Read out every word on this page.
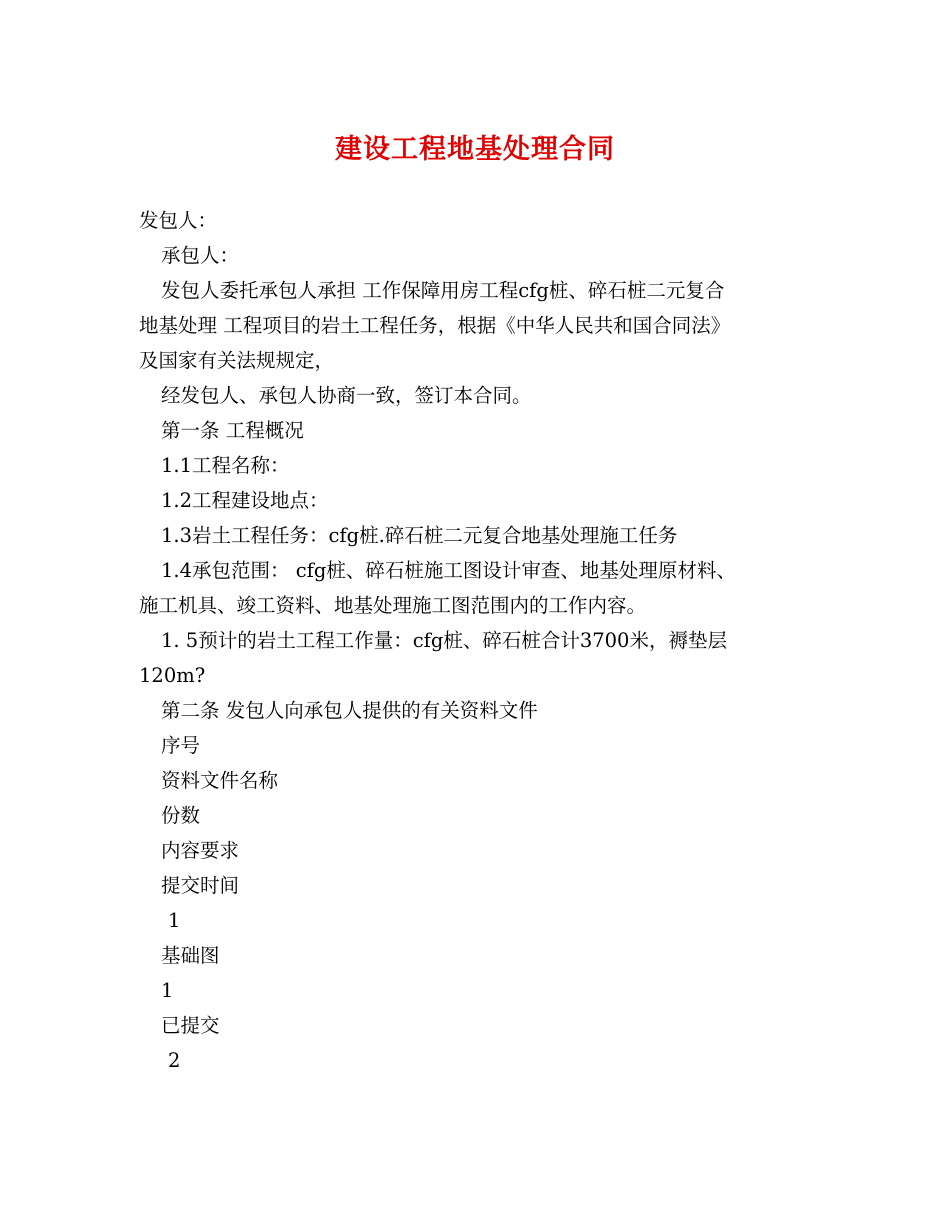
建设工程地基处理合同
发包人：
承包人：
发包人委托承包人承担 工作保障用房工程cfg桩、碎石桩二元复合
地基处理 工程项目的岩土工程任务，根据《中华人民共和国合同法》
及国家有关法规规定，
经发包人、承包人协商一致，签订本合同。
第一条 工程概况
1.1工程名称：
1.2工程建设地点：
1.3岩土工程任务：cfg桩.碎石桩二元复合地基处理施工任务
1.4承包范围： cfg桩、碎石桩施工图设计审查、地基处理原材料、
施工机具、竣工资料、地基处理施工图范围内的工作内容。
1. 5预计的岩土工程工作量：cfg桩、碎石桩合计3700米，褥垫层
120m?
第二条 发包人向承包人提供的有关资料文件
序号
资料文件名称
份数
内容要求
提交时间
1
基础图
1
已提交
2
